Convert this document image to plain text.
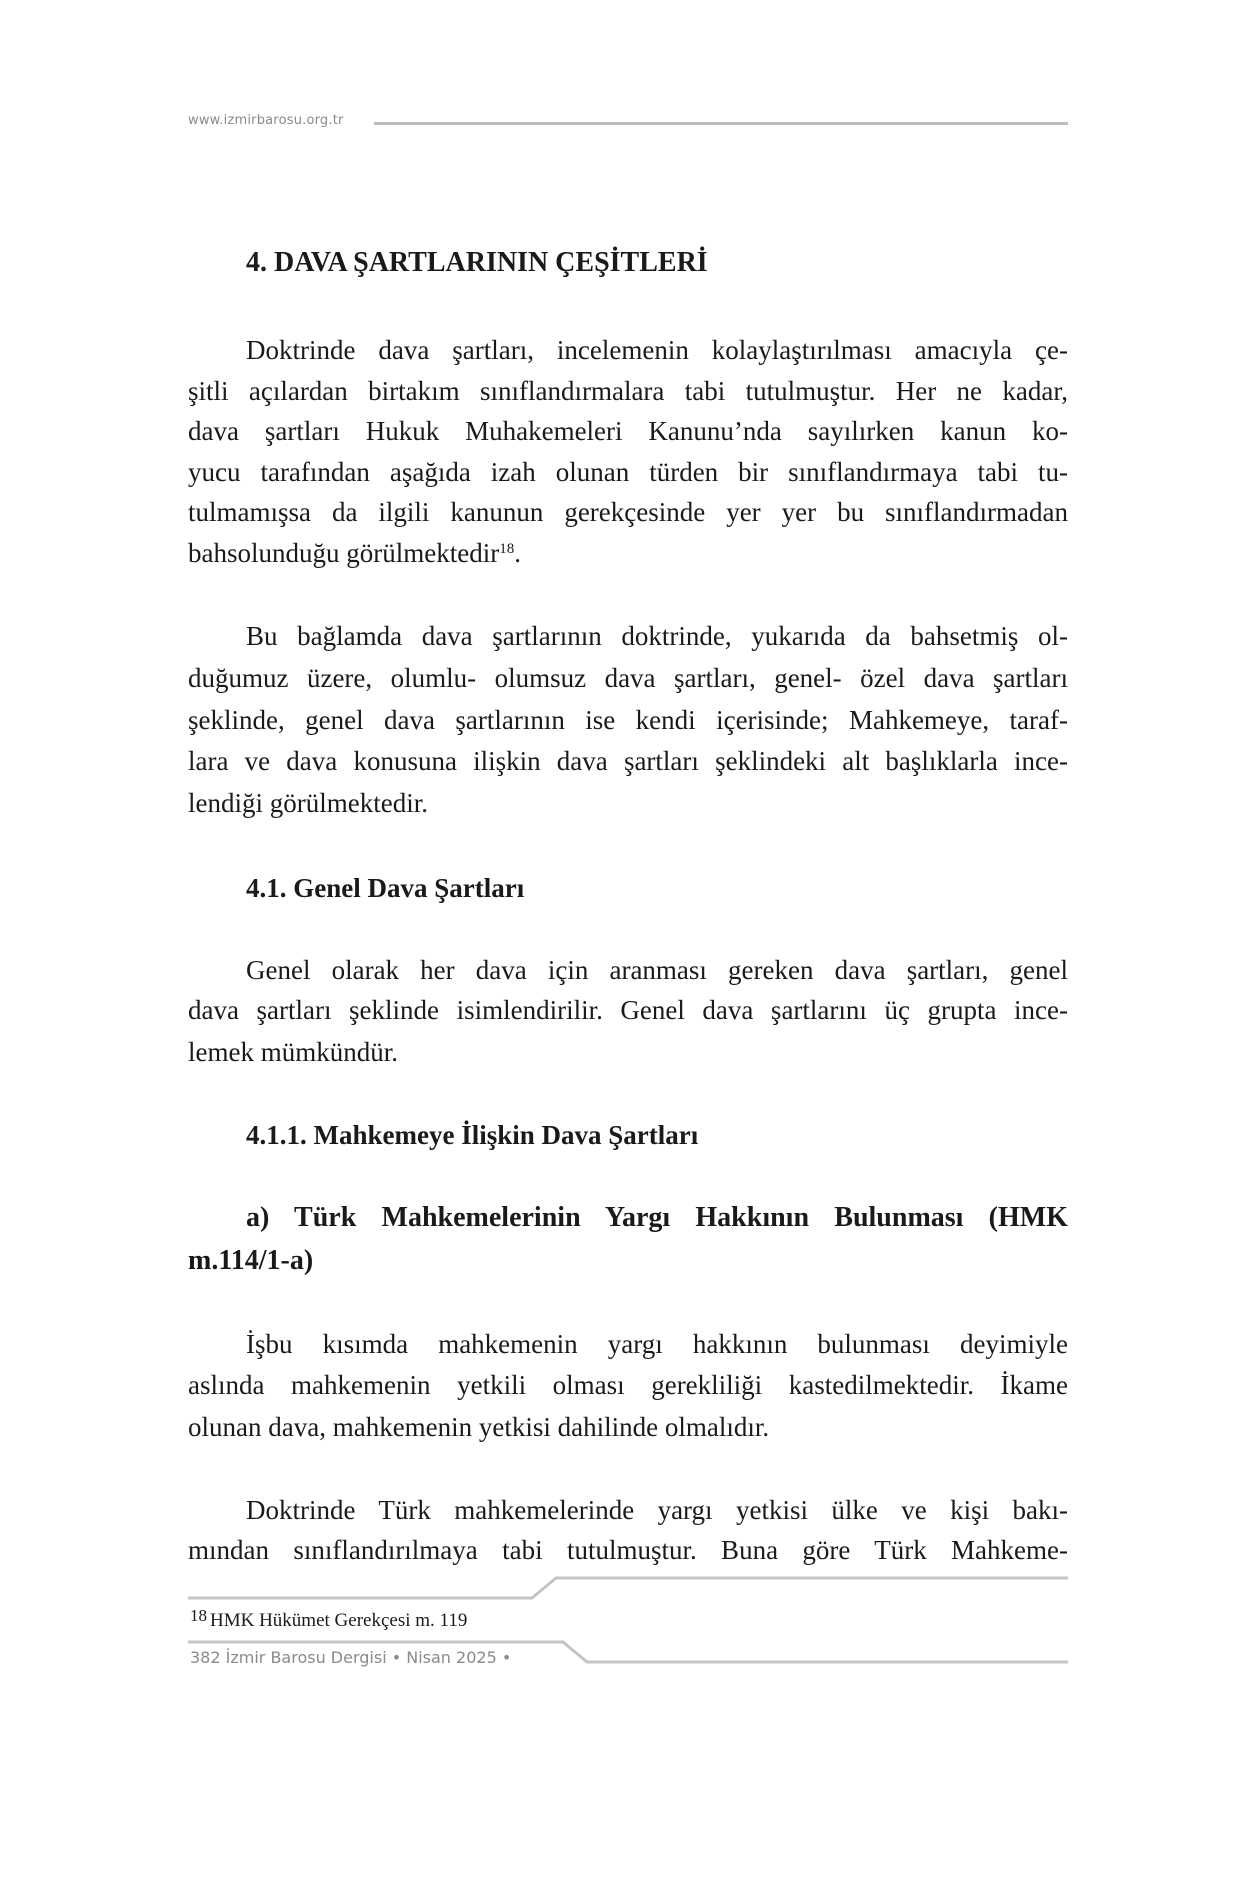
www.izmirbarosu.org.tr
4. DAVA ŞARTLARININ ÇEŞİTLERİ
Doktrinde dava şartları, incelemenin kolaylaştırılması amacıyla çe-
şitli açılardan birtakım sınıflandırmalara tabi tutulmuştur. Her ne kadar,
dava şartları Hukuk Muhakemeleri Kanunu’nda sayılırken kanun ko-
yucu tarafından aşağıda izah olunan türden bir sınıflandırmaya tabi tu-
tulmamışsa da ilgili kanunun gerekçesinde yer yer bu sınıflandırmadan
bahsolunduğu görülmektedir$^{18}$.
Bu bağlamda dava şartlarının doktrinde, yukarıda da bahsetmiş ol-
duğumuz üzere, olumlu- olumsuz dava şartları, genel- özel dava şartları
şeklinde, genel dava şartlarının ise kendi içerisinde; Mahkemeye, taraf-
lara ve dava konusuna ilişkin dava şartları şeklindeki alt başlıklarla ince-
lendiği görülmektedir.
4.1. Genel Dava Şartları
Genel olarak her dava için aranması gereken dava şartları, genel
dava şartları şeklinde isimlendirilir. Genel dava şartlarını üç grupta ince-
lemek mümkündür.
4.1.1. Mahkemeye İlişkin Dava Şartları
a) Türk Mahkemelerinin Yargı Hakkının Bulunması (HMK
m.114/1-a)
İşbu kısımda mahkemenin yargı hakkının bulunması deyimiyle
aslında mahkemenin yetkili olması gerekliliği kastedilmektedir. İkame
olunan dava, mahkemenin yetkisi dahilinde olmalıdır.
Doktrinde Türk mahkemelerinde yargı yetkisi ülke ve kişi bakı-
mından sınıflandırılmaya tabi tutulmuştur. Buna göre Türk Mahkeme-
18 HMK Hükümet Gerekçesi m. 119
382 İzmir Barosu Dergisi • Nisan 2025 •
